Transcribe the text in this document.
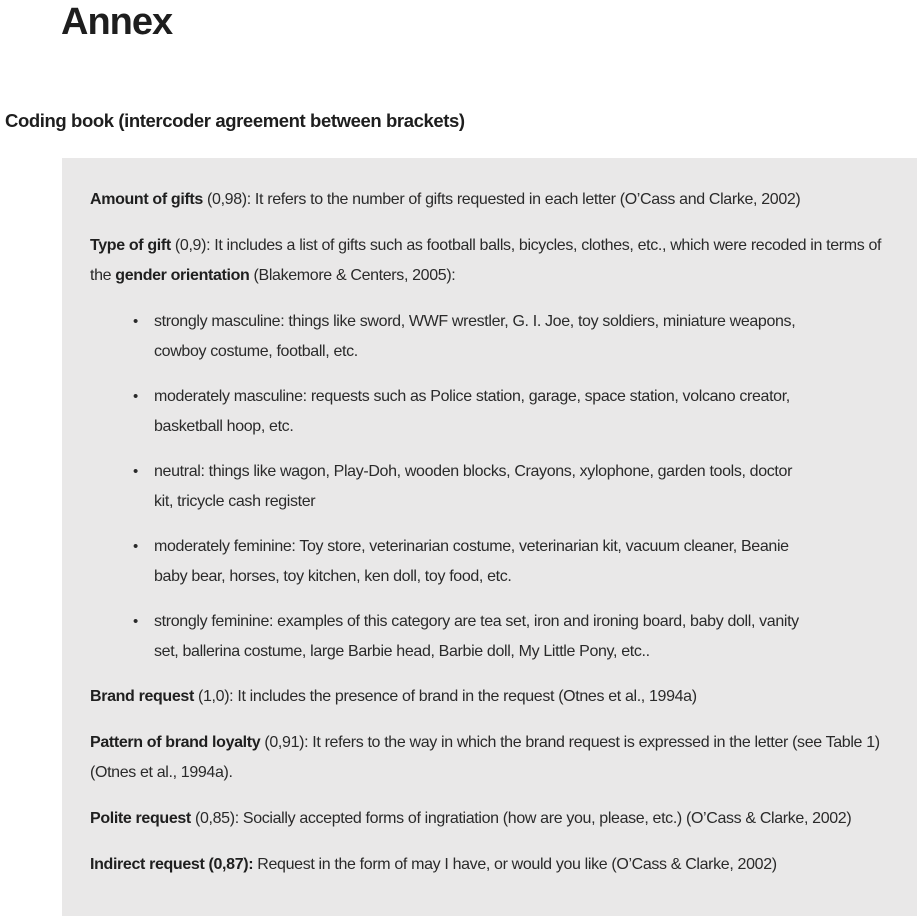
Annex
Coding book (intercoder agreement between brackets)

Amount of gifts (0,98): It refers to the number of gifts requested in each letter (O’Cass and Clarke, 2002)

Type of gift (0,9): It includes a list of gifts such as football balls, bicycles, clothes, etc., which were recoded in terms of the gender orientation (Blakemore & Centers, 2005):

•	strongly masculine: things like sword, WWF wrestler, G. I. Joe, toy soldiers, miniature weapons, cowboy costume, football, etc.
•	moderately masculine: requests such as Police station, garage, space station, volcano creator, basketball hoop, etc.
•	neutral: things like wagon, Play-Doh, wooden blocks, Crayons, xylophone, garden tools, doctor kit, tricycle cash register
•	moderately feminine: Toy store, veterinarian costume, veterinarian kit, vacuum cleaner, Beanie baby bear, horses, toy kitchen, ken doll, toy food, etc.
•	strongly feminine: examples of this category are tea set, iron and ironing board, baby doll, vanity set, ballerina costume, large Barbie head, Barbie doll, My Little Pony, etc..

Brand request (1,0): It includes the presence of brand in the request (Otnes et al., 1994a)

Pattern of brand loyalty (0,91): It refers to the way in which the brand request is expressed in the letter (see Table 1) (Otnes et al., 1994a).

Polite request (0,85): Socially accepted forms of ingratiation (how are you, please, etc.) (O’Cass & Clarke, 2002)

Indirect request (0,87): Request in the form of may I have, or would you like (O’Cass & Clarke, 2002)
